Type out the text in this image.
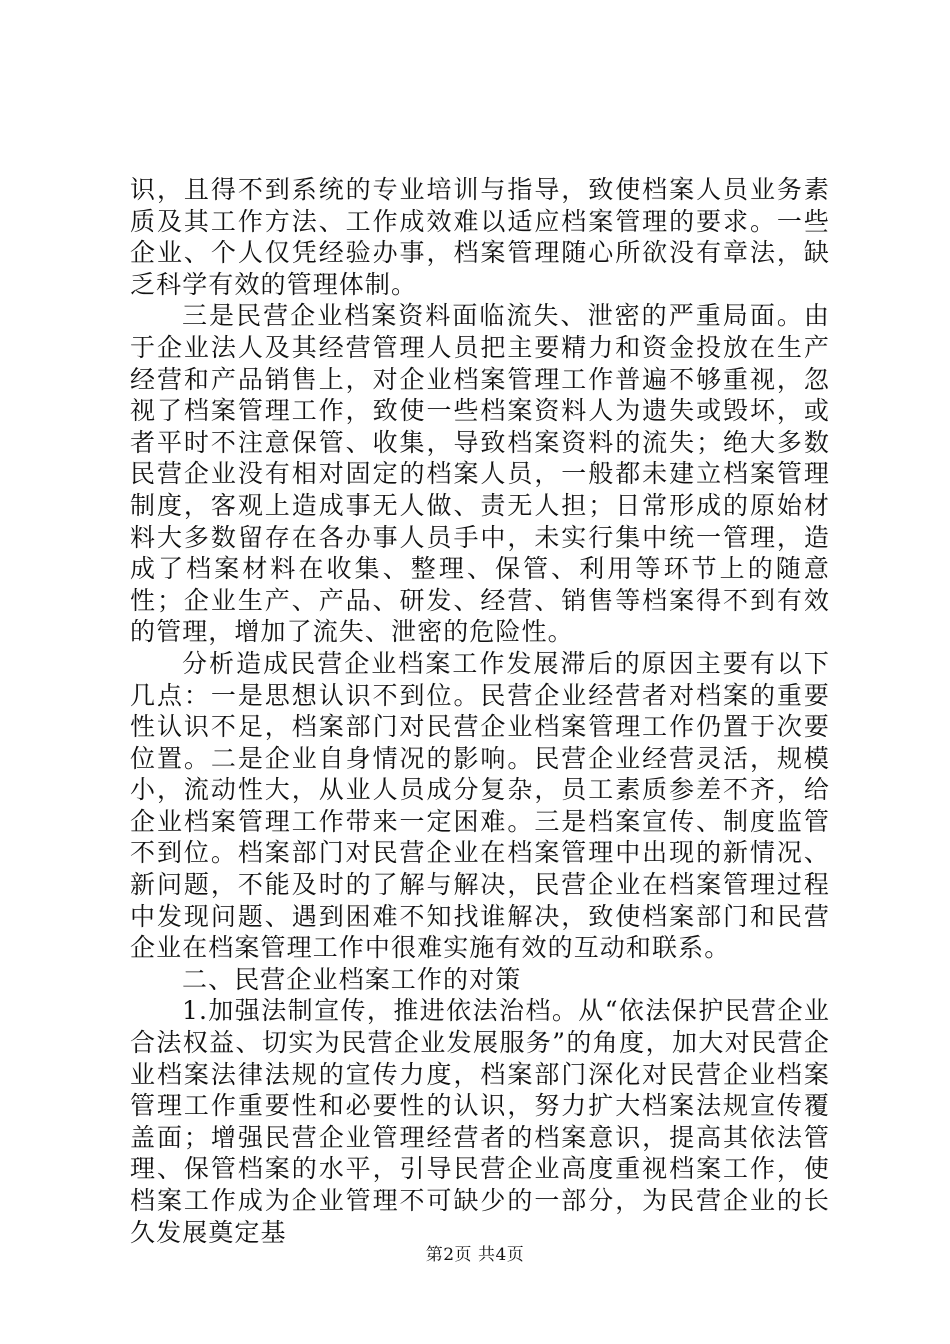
识，且得不到系统的专业培训与指导，致使档案人员业务素质及其工作方法、工作成效难以适应档案管理的要求。一些企业、个人仅凭经验办事，档案管理随心所欲没有章法，缺乏科学有效的管理体制。

三是民营企业档案资料面临流失、泄密的严重局面。由于企业法人及其经营管理人员把主要精力和资金投放在生产经营和产品销售上，对企业档案管理工作普遍不够重视，忽视了档案管理工作，致使一些档案资料人为遗失或毁坏，或者平时不注意保管、收集，导致档案资料的流失；绝大多数民营企业没有相对固定的档案人员，一般都未建立档案管理制度，客观上造成事无人做、责无人担；日常形成的原始材料大多数留存在各办事人员手中，未实行集中统一管理，造成了档案材料在收集、整理、保管、利用等环节上的随意性；企业生产、产品、研发、经营、销售等档案得不到有效的管理，增加了流失、泄密的危险性。

分析造成民营企业档案工作发展滞后的原因主要有以下几点：一是思想认识不到位。民营企业经营者对档案的重要性认识不足，档案部门对民营企业档案管理工作仍置于次要位置。二是企业自身情况的影响。民营企业经营灵活，规模小，流动性大，从业人员成分复杂，员工素质参差不齐，给企业档案管理工作带来一定困难。三是档案宣传、制度监管不到位。档案部门对民营企业在档案管理中出现的新情况、新问题，不能及时的了解与解决，民营企业在档案管理过程中发现问题、遇到困难不知找谁解决，致使档案部门和民营企业在档案管理工作中很难实施有效的互动和联系。

二、民营企业档案工作的对策

1.加强法制宣传，推进依法治档。从“依法保护民营企业合法权益、切实为民营企业发展服务”的角度，加大对民营企业档案法律法规的宣传力度，档案部门深化对民营企业档案管理工作重要性和必要性的认识，努力扩大档案法规宣传覆盖面；增强民营企业管理经营者的档案意识，提高其依法管理、保管档案的水平，引导民营企业高度重视档案工作，使档案工作成为企业管理不可缺少的一部分，为民营企业的长久发展奠定基

第2页 共4页
